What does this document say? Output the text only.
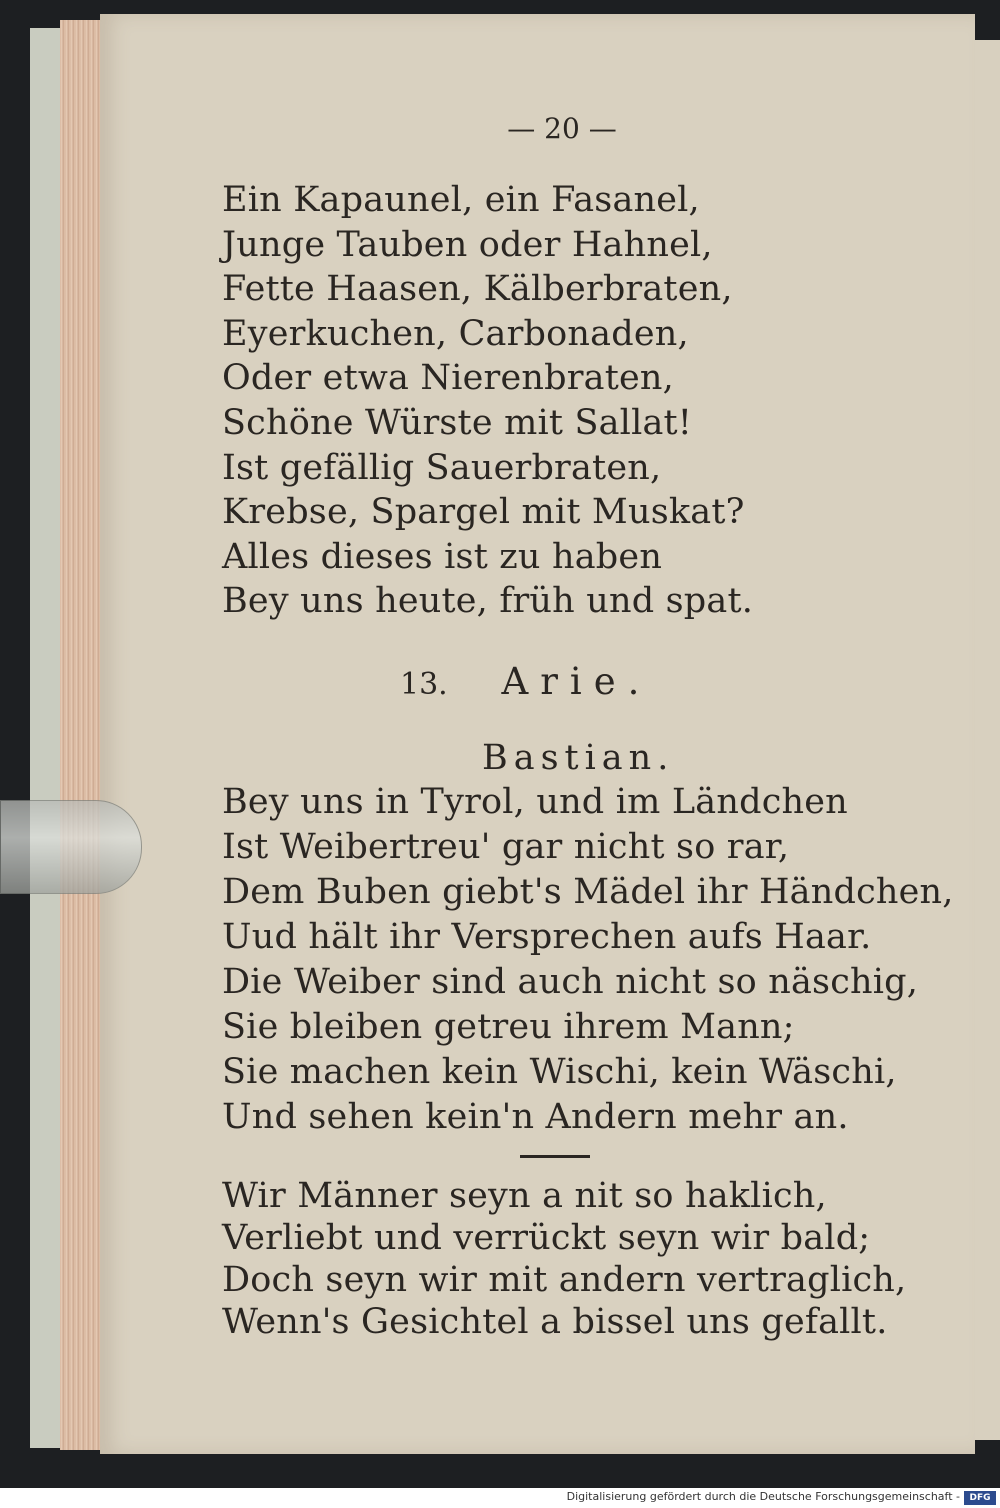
— 20 —
Ein Kapaunel, ein Fasanel,
Junge Tauben oder Hahnel,
Fette Haasen, Kälberbraten,
Eyerkuchen, Carbonaden,
Oder etwa Nierenbraten,
Schöne Würste mit Sallat!
Ist gefällig Sauerbraten,
Krebse, Spargel mit Muskat?
Alles dieses ist zu haben
Bey uns heute, früh und spat.
13. Arie.
Bastian.
Bey uns in Tyrol, und im Ländchen
Ist Weibertreu' gar nicht so rar,
Dem Buben giebt's Mädel ihr Händchen,
Uud hält ihr Versprechen aufs Haar.
Die Weiber sind auch nicht so näschig,
Sie bleiben getreu ihrem Mann;
Sie machen kein Wischi, kein Wäschi,
Und sehen kein'n Andern mehr an.
Wir Männer seyn a nit so haklich,
Verliebt und verrückt seyn wir bald;
Doch seyn wir mit andern vertraglich,
Wenn's Gesichtel a bissel uns gefallt.
Digitalisierung gefördert durch die Deutsche Forschungsgemeinschaft -	DFG
